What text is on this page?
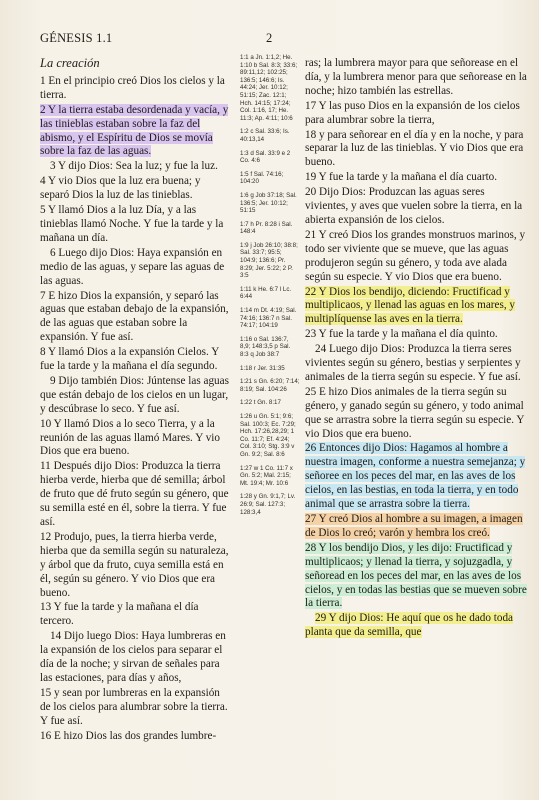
GÉNESIS 1.1	2
La creación

1 En el principio creó Dios los cielos y la tierra.

2 Y la tierra estaba desordenada y vacía, y las tinieblas estaban sobre la faz del abismo, y el Espíritu de Dios se movía sobre la faz de las aguas.

3 Y dijo Dios: Sea la luz; y fue la luz.

4 Y vio Dios que la luz era buena; y separó Dios la luz de las tinieblas.

5 Y llamó Dios a la luz Día, y a las tinieblas llamó Noche. Y fue la tarde y la mañana un día.

6 Luego dijo Dios: Haya expansión en medio de las aguas, y separe las aguas de las aguas.

7 E hizo Dios la expansión, y separó las aguas que estaban debajo de la expansión, de las aguas que estaban sobre la expansión. Y fue así.

8 Y llamó Dios a la expansión Cielos. Y fue la tarde y la mañana el día segundo.

9 Dijo también Dios: Júntense las aguas que están debajo de los cielos en un lugar, y descúbrase lo seco. Y fue así.

10 Y llamó Dios a lo seco Tierra, y a la reunión de las aguas llamó Mares. Y vio Dios que era bueno.

11 Después dijo Dios: Produzca la tierra hierba verde, hierba que dé semilla; árbol de fruto que dé fruto según su género, que su semilla esté en él, sobre la tierra. Y fue así.

12 Produjo, pues, la tierra hierba verde, hierba que da semilla según su naturaleza, y árbol que da fruto, cuya semilla está en él, según su género. Y vio Dios que era bueno.

13 Y fue la tarde y la mañana el día tercero.

14 Dijo luego Dios: Haya lumbreras en la expansión de los cielos para separar el día de la noche; y sirvan de señales para las estaciones, para días y años,

15 y sean por lumbreras en la expansión de los cielos para alumbrar sobre la tierra. Y fue así.

16 E hizo Dios las dos grandes lumbre-

1:1 a Jn. 1:1,2; He. 1:10 b Sal. 8:3; 33:6; 89:11,12; 102:25; 136:5; 146:6; Is. 44:24; Jer. 10:12; 51:15; Zac. 12:1; Hch. 14:15; 17:24; Col. 1:16, 17; He. 11:3; Ap. 4:11; 10:6
1:2 c Sal. 33:6; Is. 40:13,14
1:3 d Sal. 33:9 e 2 Co. 4:6
1:5 f Sal. 74:16; 104:20
1:6 g Job 37:18; Sal. 136:5; Jer. 10:12; 51:15
1:7 h Pr. 8:28 i Sal. 148:4
1:9 j Job 26:10; 38:8; Sal. 33:7; 95:5; 104:9; 136:6; Pr. 8:29; Jer. 5:22; 2 P. 3:5
1:11 k He. 6:7 l Lc. 6:44
1:14 m Dt. 4:19; Sal. 74:16; 136:7 n Sal. 74:17; 104:19
1:16 o Sal. 136:7, 8,9; 148:3,5 p Sal. 8:3 q Job 38:7
1:18 r Jer. 31:35
1:21 s Gn. 6:20; 7:14; 8:19; Sal. 104:26
1:22 t Gn. 8:17
1:26 u Gn. 5:1; 9:6; Sal. 100:3; Ec. 7:29; Hch. 17:26,28,29; 1 Co. 11:7; Ef. 4:24; Col. 3:10; Stg. 3:9 v Gn. 9:2; Sal. 8:6
1:27 w 1 Co. 11:7 x Gn. 5:2; Mal. 2:15; Mt. 19:4; Mr. 10:6
1:28 y Gn. 9:1,7; Lv. 26:9; Sal. 127:3; 128:3,4

ras; la lumbrera mayor para que señorease en el día, y la lumbrera menor para que señorease en la noche; hizo también las estrellas.

17 Y las puso Dios en la expansión de los cielos para alumbrar sobre la tierra,

18 y para señorear en el día y en la noche, y para separar la luz de las tinieblas. Y vio Dios que era bueno.

19 Y fue la tarde y la mañana el día cuarto.

20 Dijo Dios: Produzcan las aguas seres vivientes, y aves que vuelen sobre la tierra, en la abierta expansión de los cielos.

21 Y creó Dios los grandes monstruos marinos, y todo ser viviente que se mueve, que las aguas produjeron según su género, y toda ave alada según su especie. Y vio Dios que era bueno.

22 Y Dios los bendijo, diciendo: Fructificad y multiplicaos, y llenad las aguas en los mares, y multiplíquense las aves en la tierra.

23 Y fue la tarde y la mañana el día quinto.

24 Luego dijo Dios: Produzca la tierra seres vivientes según su género, bestias y serpientes y animales de la tierra según su especie. Y fue así.

25 E hizo Dios animales de la tierra según su género, y ganado según su género, y todo animal que se arrastra sobre la tierra según su especie. Y vio Dios que era bueno.

26 Entonces dijo Dios: Hagamos al hombre a nuestra imagen, conforme a nuestra semejanza; y señoree en los peces del mar, en las aves de los cielos, en las bestias, en toda la tierra, y en todo animal que se arrastra sobre la tierra.

27 Y creó Dios al hombre a su imagen, a imagen de Dios lo creó; varón y hembra los creó.

28 Y los bendijo Dios, y les dijo: Fructificad y multiplicaos; y llenad la tierra, y sojuzgadla, y señoread en los peces del mar, en las aves de los cielos, y en todas las bestias que se mueven sobre la tierra.

29 Y dijo Dios: He aquí que os he dado toda planta que da semilla, que
